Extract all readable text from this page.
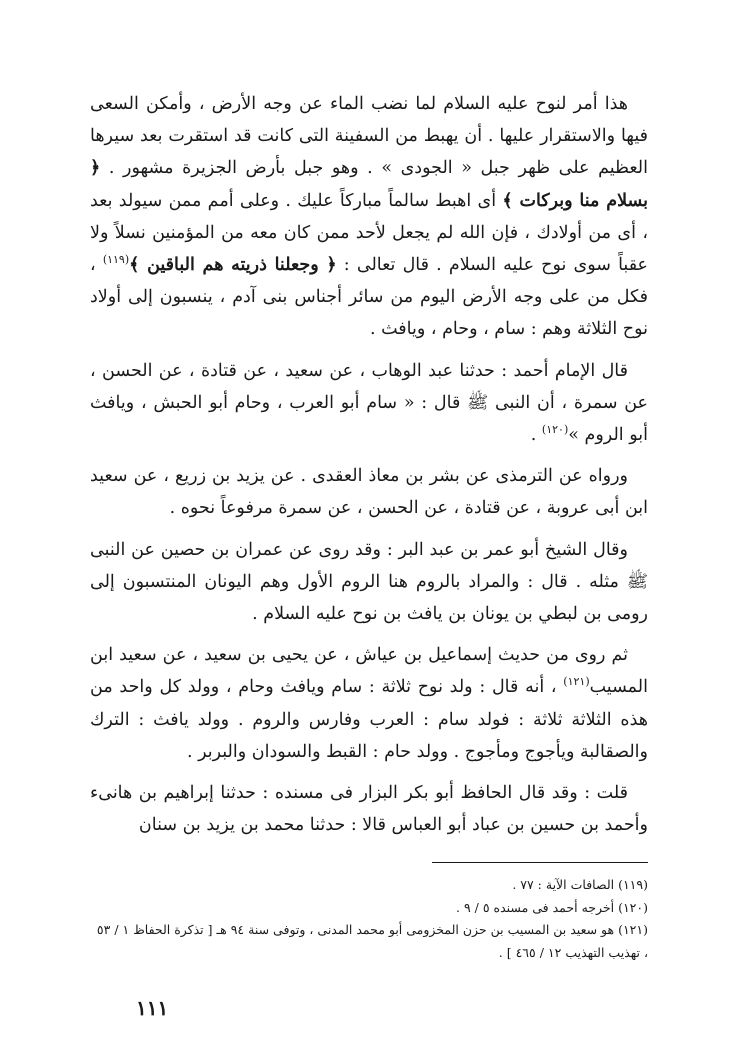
هذا أمر لنوح عليه السلام لما نضب الماء عن وجه الأرض ، وأمكن السعى فيها والاستقرار عليها . أن يهبط من السفينة التى كانت قد استقرت بعد سيرها العظيم على ظهر جبل « الجودى » . وهو جبل بأرض الجزيرة مشهور . ﴿ بسلام منا وبركات ﴾ أى اهبط سالماً مباركاً عليك . وعلى أمم ممن سيولد بعد ، أى من أولادك ، فإن الله لم يجعل لأحد ممن كان معه من المؤمنين نسلاً ولا عقباً سوى نوح عليه السلام . قال تعالى : ﴿ وجعلنا ذريته هم الباقين ﴾$^{(١١٩)}$ ، فكل من على وجه الأرض اليوم من سائر أجناس بنى آدم ، ينسبون إلى أولاد نوح الثلاثة وهم : سام ، وحام ، ويافث .

قال الإمام أحمد : حدثنا عبد الوهاب ، عن سعيد ، عن قتادة ، عن الحسن ، عن سمرة ، أن النبى ﷺ قال : « سام أبو العرب ، وحام أبو الحبش ، ويافث أبو الروم »$^{(١٢٠)}$ .

ورواه عن الترمذى عن بشر بن معاذ العقدى . عن يزيد بن زريع ، عن سعيد ابن أبى عروبة ، عن قتادة ، عن الحسن ، عن سمرة مرفوعاً نحوه .

وقال الشيخ أبو عمر بن عبد البر : وقد روى عن عمران بن حصين عن النبى ﷺ مثله . قال : والمراد بالروم هنا الروم الأول وهم اليونان المنتسبون إلى رومى بن لبطي بن يونان بن يافث بن نوح عليه السلام .

ثم روى من حديث إسماعيل بن عياش ، عن يحيى بن سعيد ، عن سعيد ابن المسيب$^{(١٢١)}$ ، أنه قال : ولد نوح ثلاثة : سام ويافث وحام ، وولد كل واحد من هذه الثلاثة ثلاثة : فولد سام : العرب وفارس والروم . وولد يافث : الترك والصقالبة ويأجوج ومأجوج . وولد حام : القبط والسودان والبربر .

قلت : وقد قال الحافظ أبو بكر البزار فى مسنده : حدثنا إبراهيم بن هانىء وأحمد بن حسين بن عباد أبو العباس قالا : حدثنا محمد بن يزيد بن سنان

(١١٩) الصافات الآية : ٧٧ .

(١٢٠) أخرجه أحمد فى مسنده ٥ / ٩ .

(١٢١) هو سعيد بن المسيب بن حزن المخزومى أبو محمد المدنى ، وتوفى سنة ٩٤ هـ [ تذكرة الحفاظ ١ / ٥٣ ، تهذيب التهذيب ١٢ / ٤٦٥ ] .

١١١
